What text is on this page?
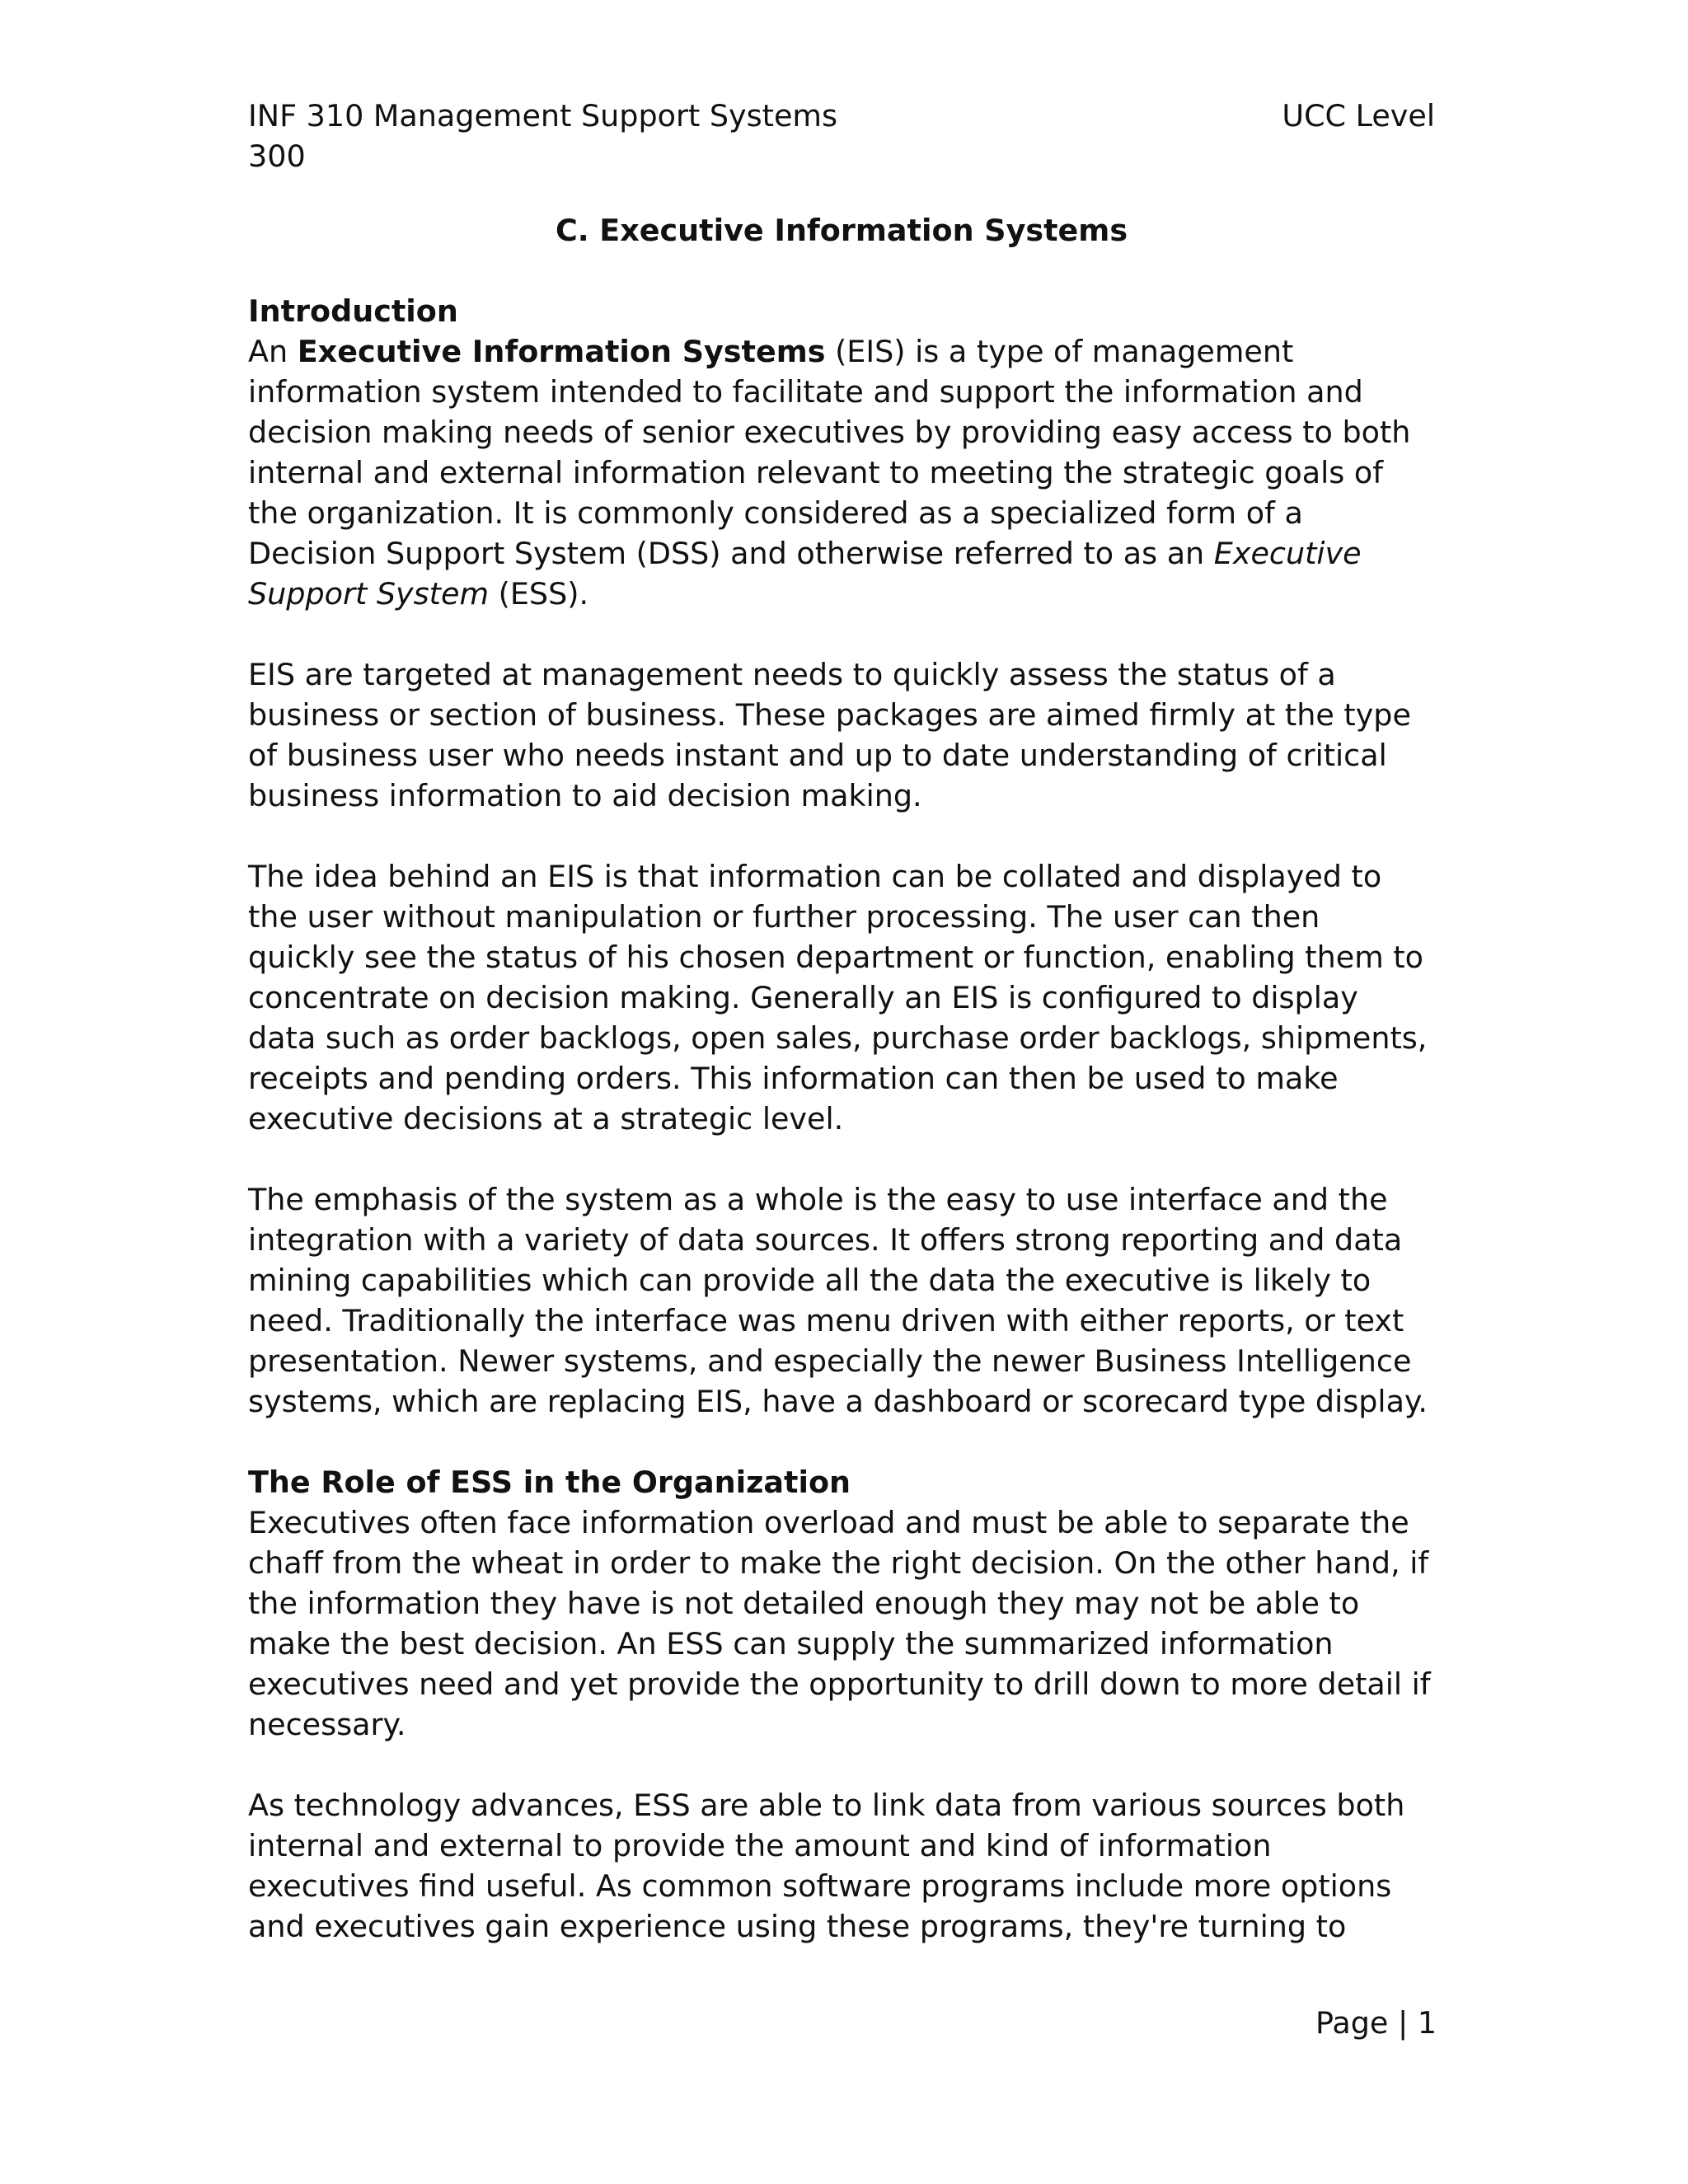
INF 310 Management Support Systems	UCC Level
300
C. Executive Information Systems
Introduction

An Executive Information Systems (EIS) is a type of management information system intended to facilitate and support the information and decision making needs of senior executives by providing easy access to both internal and external information relevant to meeting the strategic goals of the organization. It is commonly considered as a specialized form of a Decision Support System (DSS) and otherwise referred to as an Executive Support System (ESS).

EIS are targeted at management needs to quickly assess the status of a business or section of business. These packages are aimed firmly at the type of business user who needs instant and up to date understanding of critical business information to aid decision making.

The idea behind an EIS is that information can be collated and displayed to the user without manipulation or further processing. The user can then quickly see the status of his chosen department or function, enabling them to concentrate on decision making. Generally an EIS is configured to display data such as order backlogs, open sales, purchase order backlogs, shipments, receipts and pending orders. This information can then be used to make executive decisions at a strategic level.

The emphasis of the system as a whole is the easy to use interface and the integration with a variety of data sources. It offers strong reporting and data mining capabilities which can provide all the data the executive is likely to need. Traditionally the interface was menu driven with either reports, or text presentation. Newer systems, and especially the newer Business Intelligence systems, which are replacing EIS, have a dashboard or scorecard type display.

The Role of ESS in the Organization

Executives often face information overload and must be able to separate the chaff from the wheat in order to make the right decision. On the other hand, if the information they have is not detailed enough they may not be able to make the best decision. An ESS can supply the summarized information executives need and yet provide the opportunity to drill down to more detail if necessary.

As technology advances, ESS are able to link data from various sources both internal and external to provide the amount and kind of information executives find useful. As common software programs include more options and executives gain experience using these programs, they're turning to

Page | 1
